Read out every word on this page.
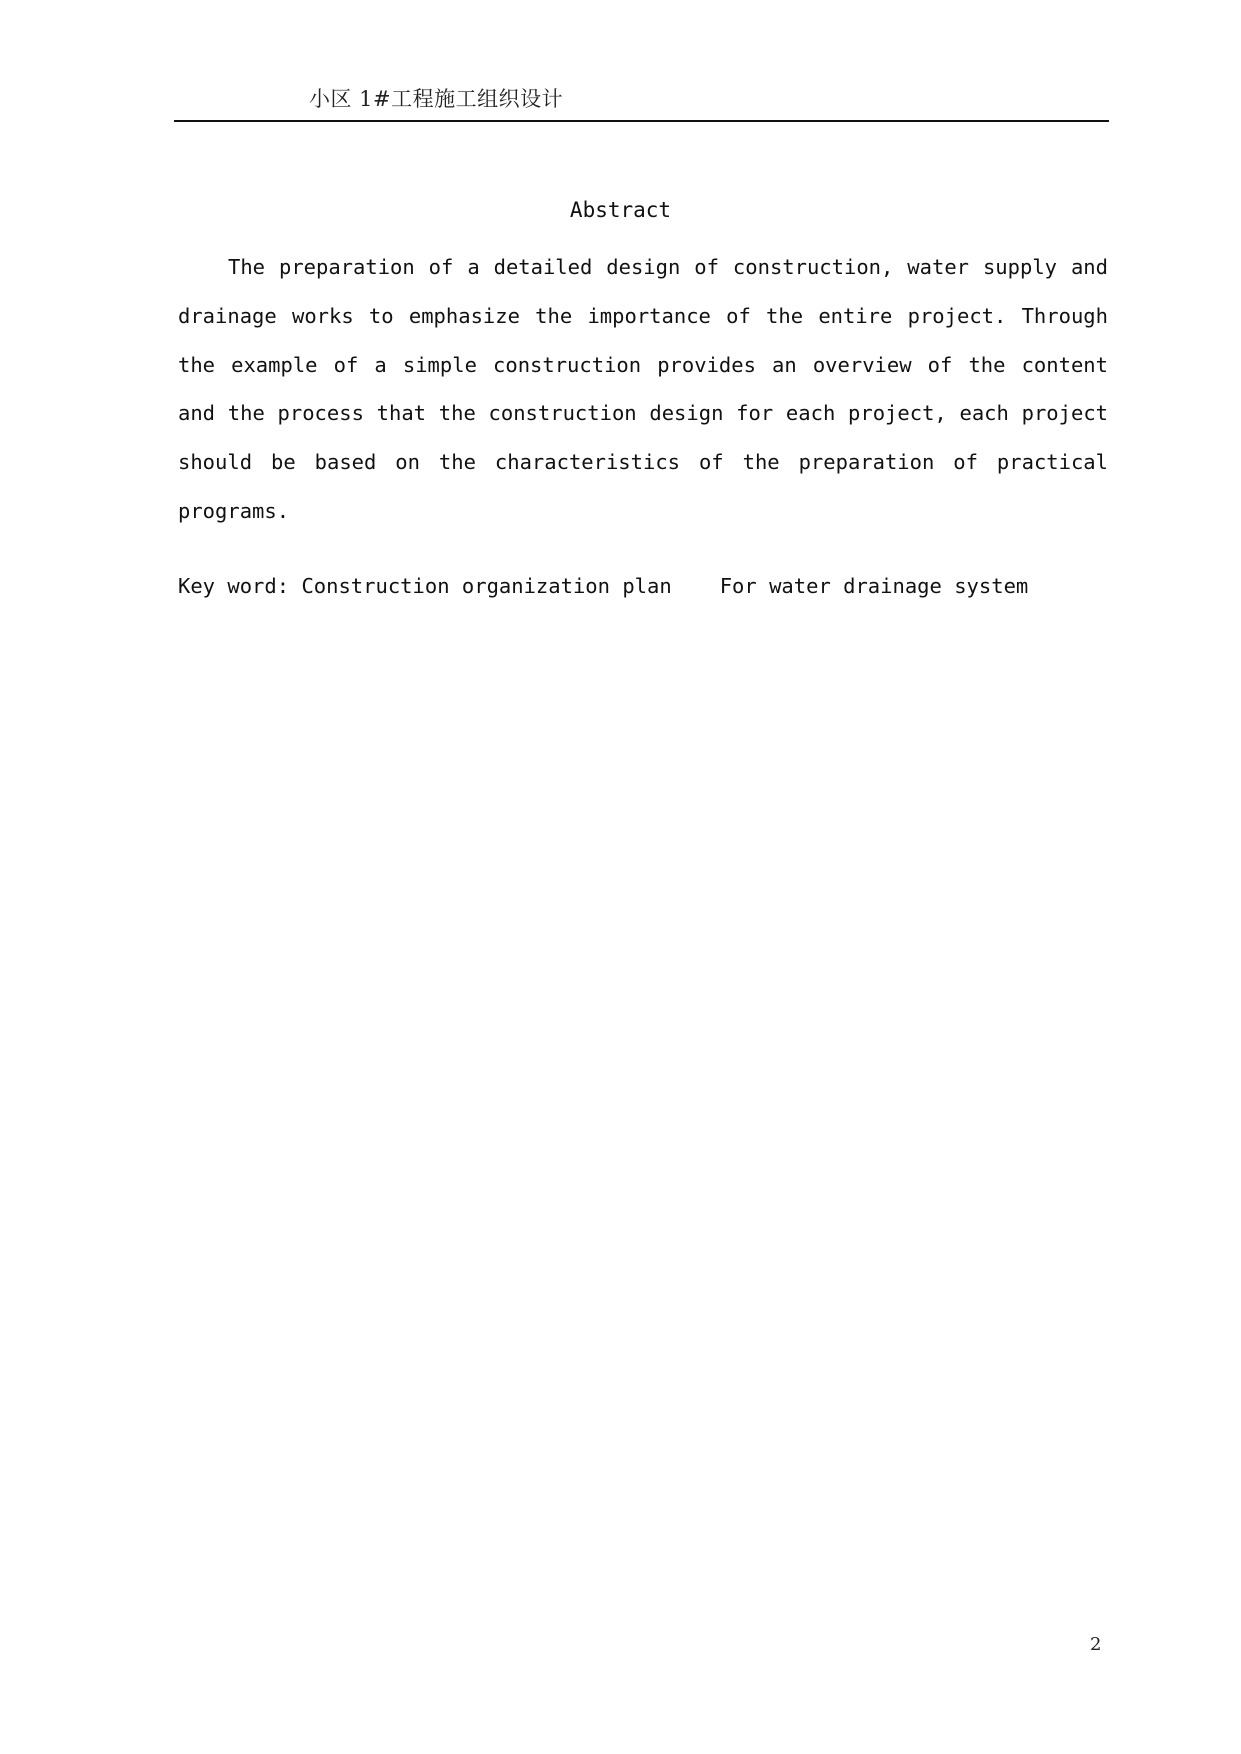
小区 1#工程施工组织设计
Abstract

The preparation of a detailed design of construction, water supply and drainage works to emphasize the importance of the entire project. Through the example of a simple construction provides an overview of the content and the process that the construction design for each project, each project should be based on the characteristics of the preparation of practical programs.

Key word: Construction organization plan For water drainage system
2
